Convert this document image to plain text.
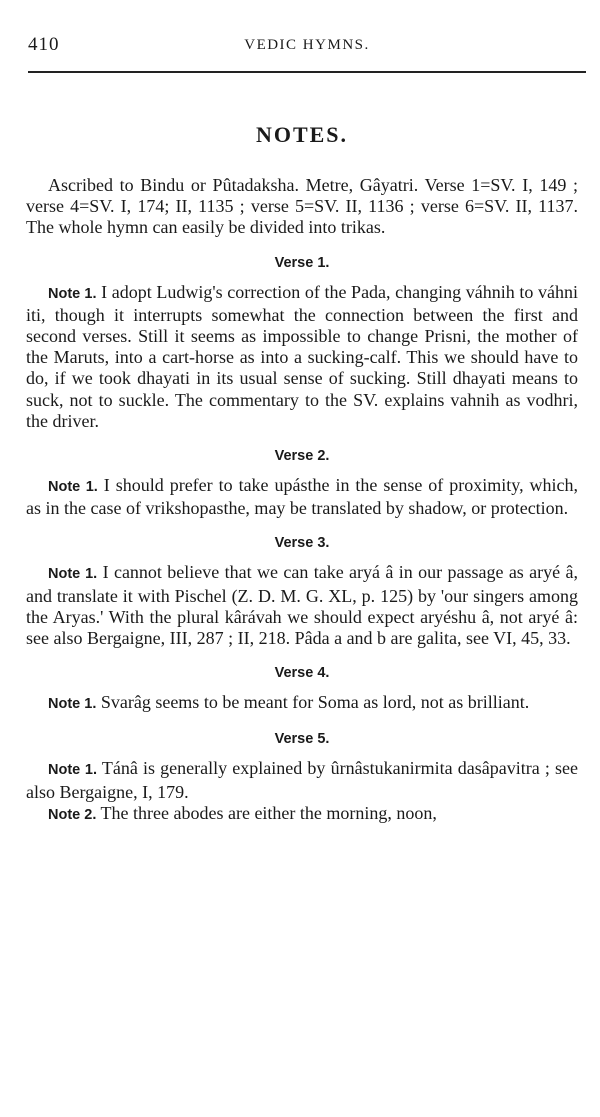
410	VEDIC HYMNS.
NOTES.

Ascribed to Bindu or Pûtadaksha. Metre, Gâyatri. Verse 1=SV. I, 149 ; verse 4=SV. I, 174; II, 1135 ; verse 5=SV. II, 1136 ; verse 6=SV. II, 1137. The whole hymn can easily be divided into trikas.

Verse 1.

Note 1. I adopt Ludwig's correction of the Pada, changing váhnih to váhni iti, though it interrupts somewhat the connection between the first and second verses. Still it seems as impossible to change Prisni, the mother of the Maruts, into a cart-horse as into a sucking-calf. This we should have to do, if we took dhayati in its usual sense of sucking. Still dhayati means to suck, not to suckle. The commentary to the SV. explains vahnih as vodhri, the driver.

Verse 2.

Note 1. I should prefer to take upásthe in the sense of proximity, which, as in the case of vrikshopasthe, may be translated by shadow, or protection.

Verse 3.

Note 1. I cannot believe that we can take aryá â in our passage as aryé â, and translate it with Pischel (Z. D. M. G. XL, p. 125) by 'our singers among the Aryas.' With the plural kârávah we should expect aryéshu â, not aryé â: see also Bergaigne, III, 287 ; II, 218. Pâda a and b are galita, see VI, 45, 33.

Verse 4.

Note 1. Svarâg seems to be meant for Soma as lord, not as brilliant.

Verse 5.

Note 1. Tánâ is generally explained by ûrnâstukanirmita dasâpavitra ; see also Bergaigne, I, 179.

Note 2. The three abodes are either the morning, noon,
